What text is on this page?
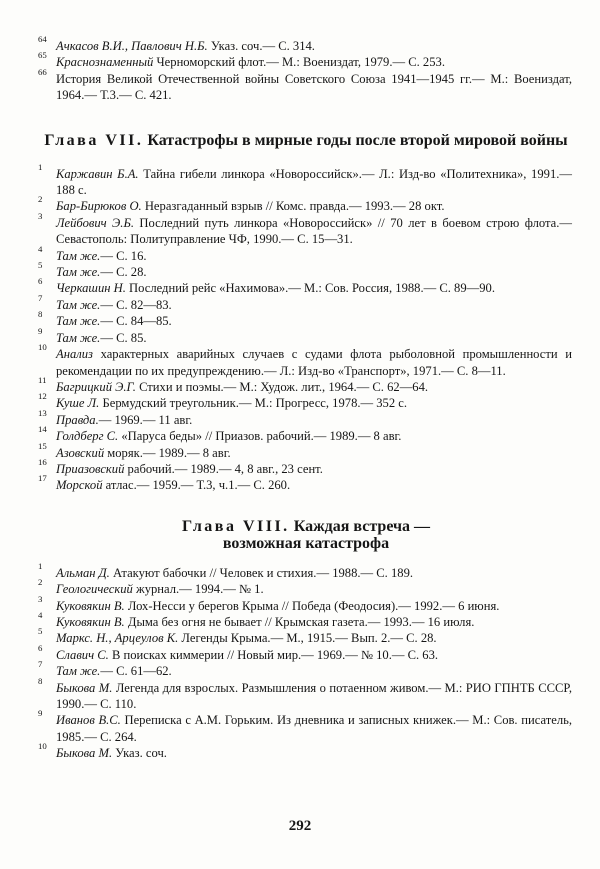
64 Ачкасов В.И., Павлович Н.Б. Указ. соч.— С. 314.
65 Краснознаменный Черноморский флот.— М.: Воениздат, 1979.— С. 253.
66 История Великой Отечественной войны Советского Союза 1941—1945 гг.— М.: Воениздат, 1964.— Т.3.— С. 421.
Глава VII. Катастрофы в мирные годы после второй мировой войны
1 Каржавин Б.А. Тайна гибели линкора «Новороссийск».— Л.: Изд-во «Политехника», 1991.— 188 с.
2 Бар-Бирюков О. Неразгаданный взрыв // Комс. правда.— 1993.— 28 окт.
3 Лейбович Э.Б. Последний путь линкора «Новороссийск» // 70 лет в боевом строю флота.— Севастополь: Политуправление ЧФ, 1990.— С. 15—31.
4 Там же.— С. 16.
5 Там же.— С. 28.
6 Черкашин Н. Последний рейс «Нахимова».— М.: Сов. Россия, 1988.— С. 89—90.
7 Там же.— С. 82—83.
8 Там же.— С. 84—85.
9 Там же.— С. 85.
10 Анализ характерных аварийных случаев с судами флота рыболовной промышленности и рекомендации по их предупреждению.— Л.: Изд-во «Транспорт», 1971.— С. 8—11.
11 Багрицкий Э.Г. Стихи и поэмы.— М.: Худож. лит., 1964.— С. 62—64.
12 Куше Л. Бермудский треугольник.— М.: Прогресс, 1978.— 352 с.
13 Правда.— 1969.— 11 авг.
14 Голдберг С. «Паруса беды» // Приазов. рабочий.— 1989.— 8 авг.
15 Азовский моряк.— 1989.— 8 авг.
16 Приазовский рабочий.— 1989.— 4, 8 авг., 23 сент.
17 Морской атлас.— 1959.— Т.3, ч.1.— С. 260.
Глава VIII. Каждая встреча —
возможная катастрофа
1 Альман Д. Атакуют бабочки // Человек и стихия.— 1988.— С. 189.
2 Геологический журнал.— 1994.— № 1.
3 Куковякин В. Лох-Несси у берегов Крыма // Победа (Феодосия).— 1992.— 6 июня.
4 Куковякин В. Дыма без огня не бывает // Крымская газета.— 1993.— 16 июля.
5 Маркс. Н., Арцеулов К. Легенды Крыма.— М., 1915.— Вып. 2.— С. 28.
6 Славич С. В поисках киммерии // Новый мир.— 1969.— № 10.— С. 63.
7 Там же.— С. 61—62.
8 Быкова М. Легенда для взрослых. Размышления о потаенном живом.— М.: РИО ГПНТБ СССР, 1990.— С. 110.
9 Иванов В.С. Переписка с А.М. Горьким. Из дневника и записных книжек.— М.: Сов. писатель, 1985.— С. 264.
10 Быкова М. Указ. соч.
292
